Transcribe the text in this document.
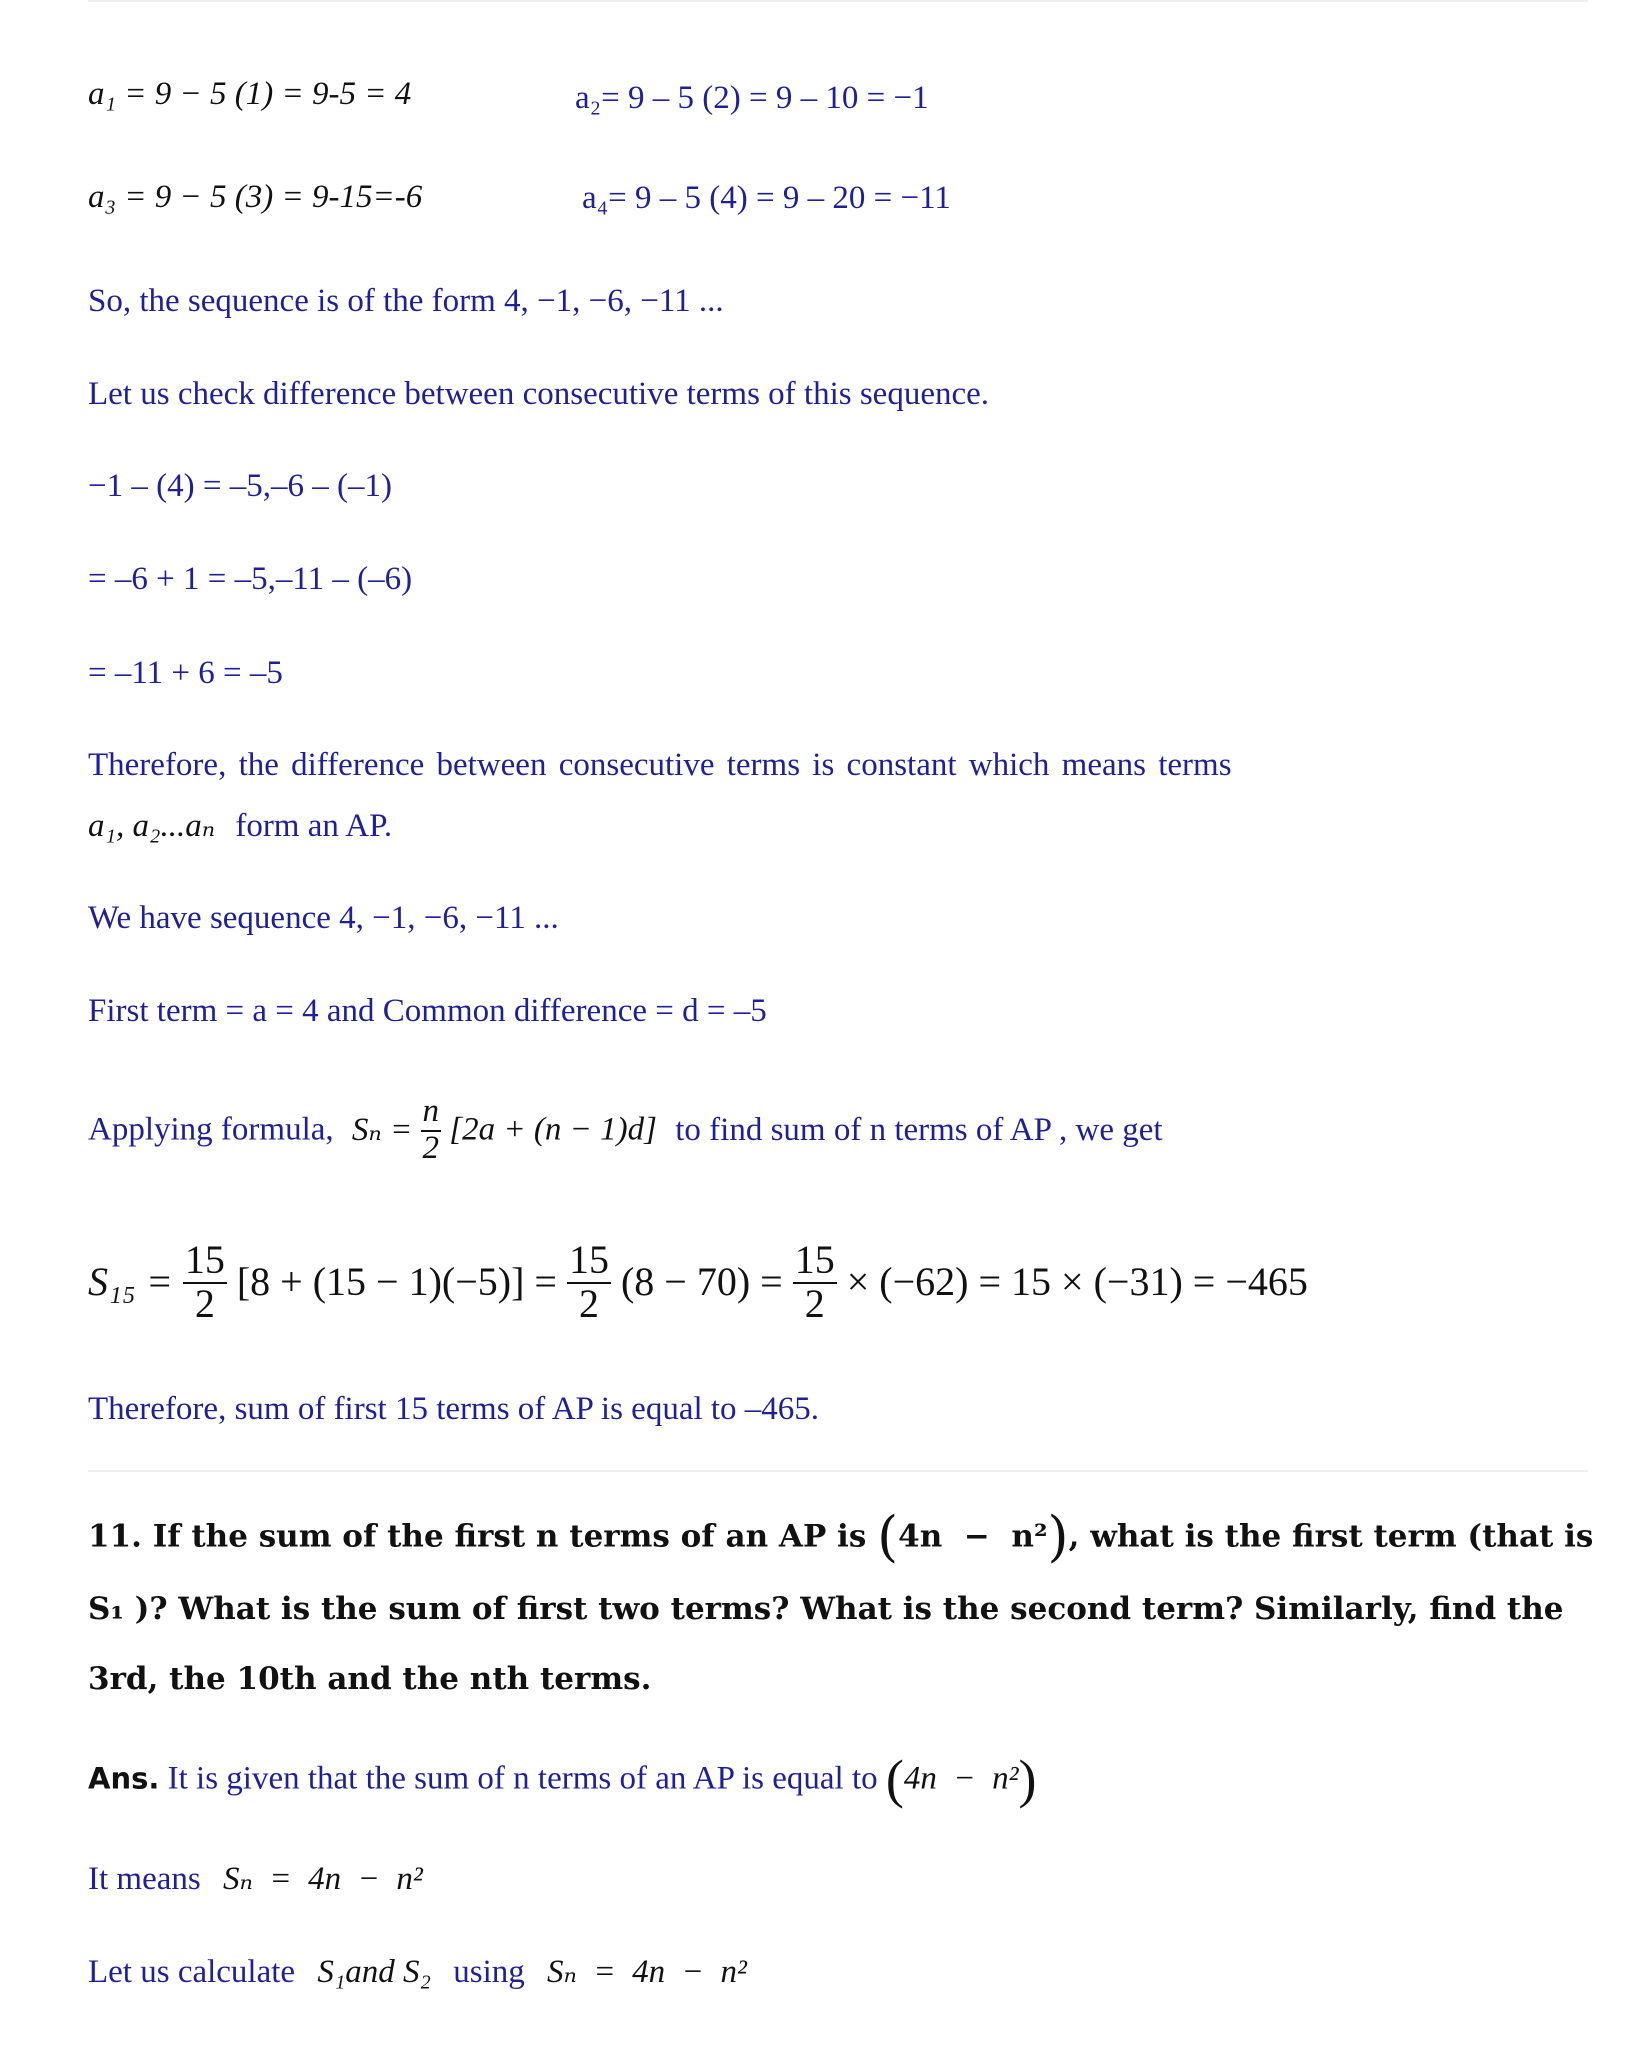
a₁ = 9 − 5 (1) = 9-5 = 4	a₂= 9 – 5 (2) = 9 – 10 = −1
a₃ = 9 − 5 (3) = 9-15=-6	a₄= 9 – 5 (4) = 9 – 20 = −11
So, the sequence is of the form 4, −1, −6, −11 ...
Let us check difference between consecutive terms of this sequence.
−1 – (4) = –5,–6 – (–1)
= –6 + 1 = –5,–11 – (–6)
= –11 + 6 = –5
Therefore, the difference between consecutive terms is constant which means terms
a₁, a₂...aₙ form an AP.
We have sequence 4, −1, −6, −11 ...
First term = a = 4 and Common difference = d = –5
Applying formula, $S_n = \frac{n}{2} [2a + (n - 1)d]$ to find sum of n terms of AP , we get
$S_{15} = \frac{15}{2} [8 + (15 - 1)(-5)] = \frac{15}{2} (8 - 70) = \frac{15}{2} \times (-62) = 15 \times (-31) = -465$
Therefore, sum of first 15 terms of AP is equal to –465.
11. If the sum of the first n terms of an AP is (4n  −  n²), what is the first term (that is
S₁ )? What is the sum of first two terms? What is the second term? Similarly, find the
3rd, the 10th and the nth terms.
Ans. It is given that the sum of n terms of an AP is equal to (4n  −  n²)
It means Sₙ  =  4n  −  n²
Let us calculate S₁and S₂ using Sₙ  =  4n  −  n²
